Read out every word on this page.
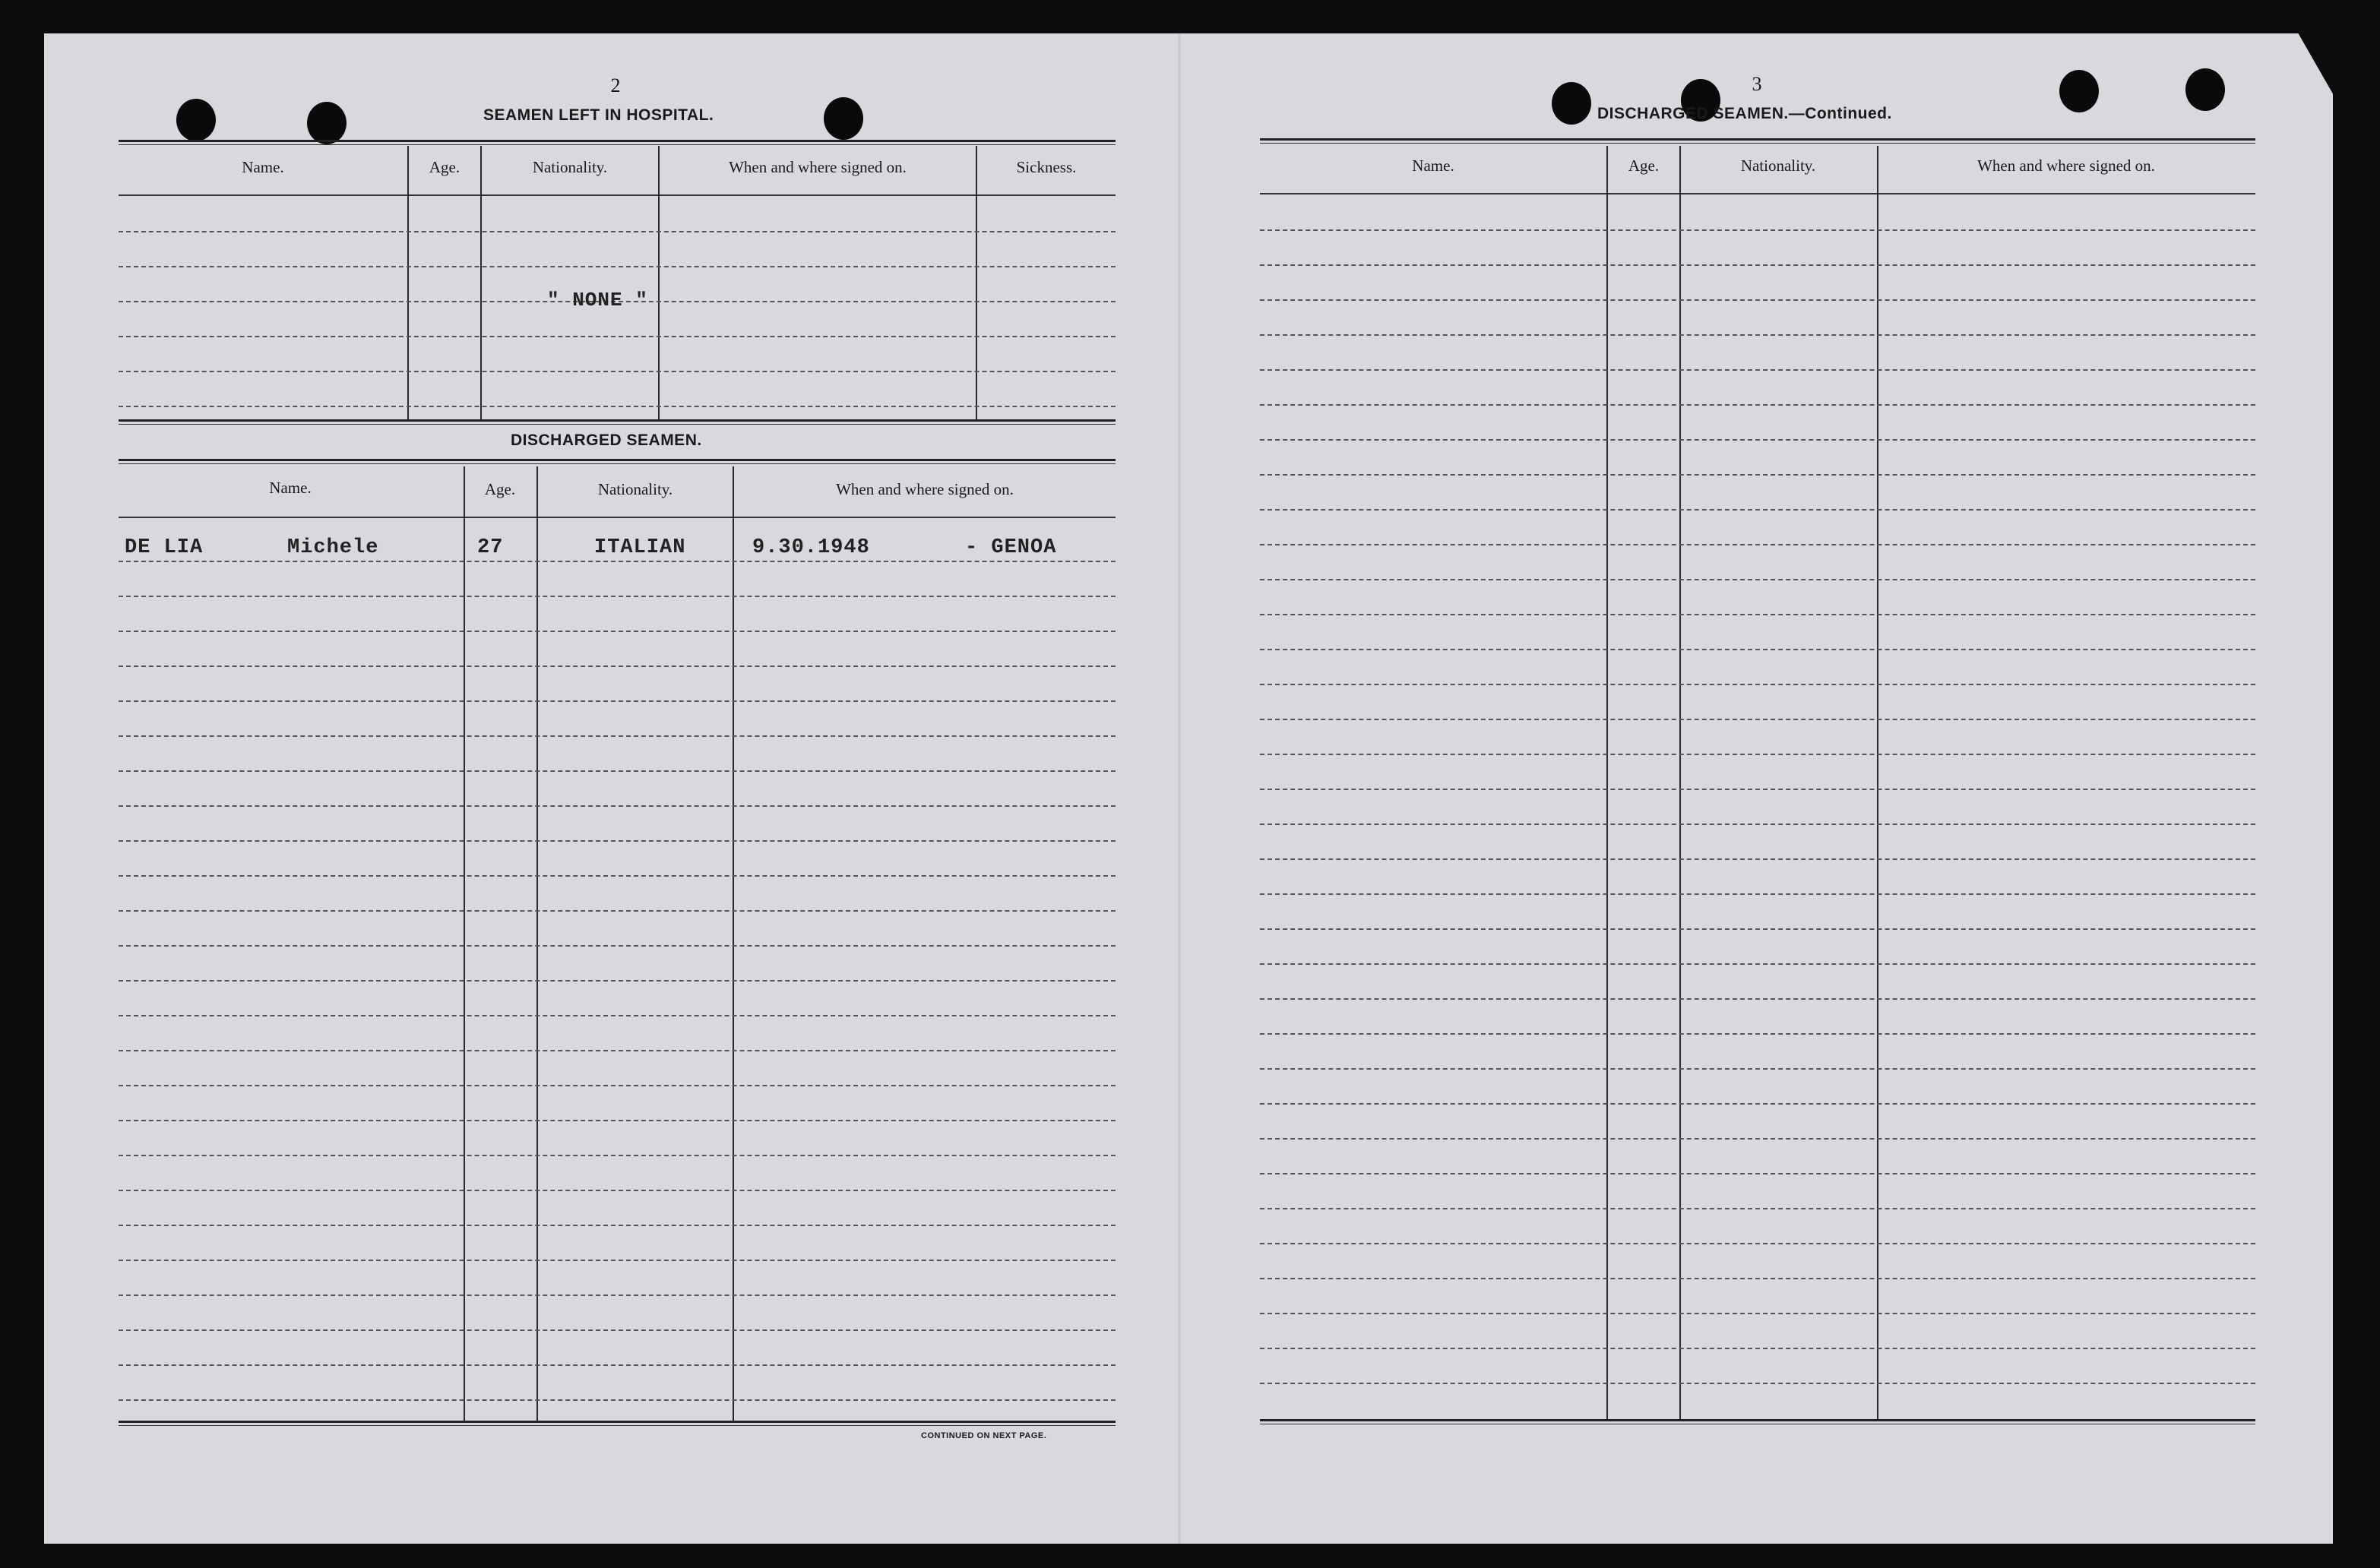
2
SEAMEN LEFT IN HOSPITAL.
Name.	Age.	Nationality.	When and where signed on.	Sickness.
" NONE "
DISCHARGED SEAMEN.
Name.	Age.	Nationality.	When and where signed on.
DE LIA	Michele	27	ITALIAN	9.30.1948	- GENOA
CONTINUED ON NEXT PAGE.
3
DISCHARGED SEAMEN.—Continued.
Name.	Age.	Nationality.	When and where signed on.
